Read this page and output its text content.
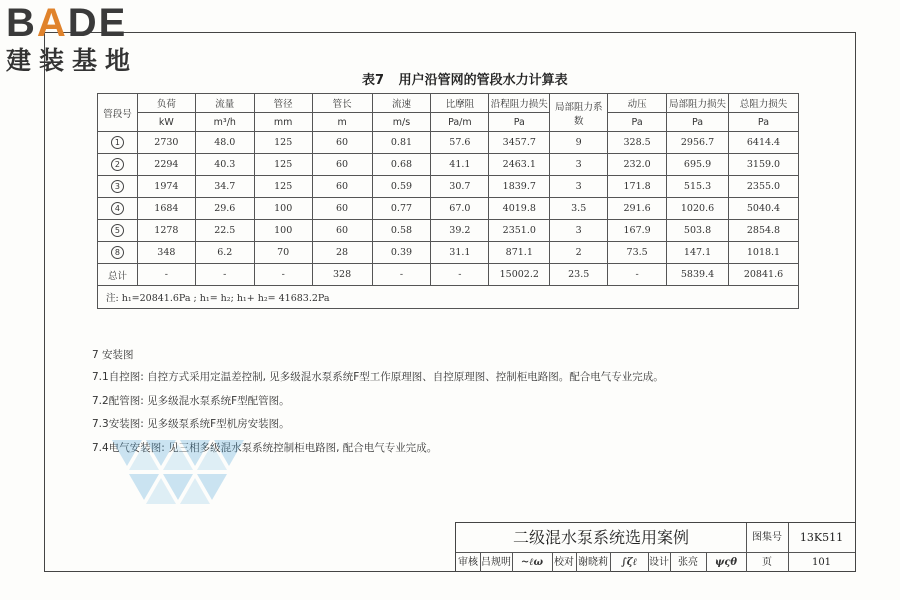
BADE
建装基地
表7 用户沿管网的管段水力计算表
管段号	负荷	流量	管径	管长	流速	比摩阻	沿程阻力损失	局部阻力系数	动压	局部阻力损失	总阻力损失
	kW	m³/h	mm	m	m/s	Pa/m	Pa		Pa	Pa	Pa
1	2730	48.0	125	60	0.81	57.6	3457.7	9	328.5	2956.7	6414.4
2	2294	40.3	125	60	0.68	41.1	2463.1	3	232.0	695.9	3159.0
3	1974	34.7	125	60	0.59	30.7	1839.7	3	171.8	515.3	2355.0
4	1684	29.6	100	60	0.77	67.0	4019.8	3.5	291.6	1020.6	5040.4
5	1278	22.5	100	60	0.58	39.2	2351.0	3	167.9	503.8	2854.8
8	348	6.2	70	28	0.39	31.1	871.1	2	73.5	147.1	1018.1
总计	-	-	-	328	-	-	15002.2	23.5	-	5839.4	20841.6
注: h₁=20841.6Pa ; h₁= h₂; h₁+ h₂= 41683.2Pa											
7 安装图
7.1自控图: 自控方式采用定温差控制, 见多级混水泵系统F型工作原理图、自控原理图、控制柜电路图。配合电气专业完成。
7.2配管图: 见多级混水泵系统F型配管图。
7.3安装图: 见多级泵系统F型机房安装图。
7.4电气安装图: 见三相多级混水泵系统控制柜电路图, 配合电气专业完成。
二级混水泵系统选用案例	图集号	13K511
审核 吕规明 ~ℓω	校对 谢晓莉	∫ζℓ	设计 张亮	ψςθ	页	101
